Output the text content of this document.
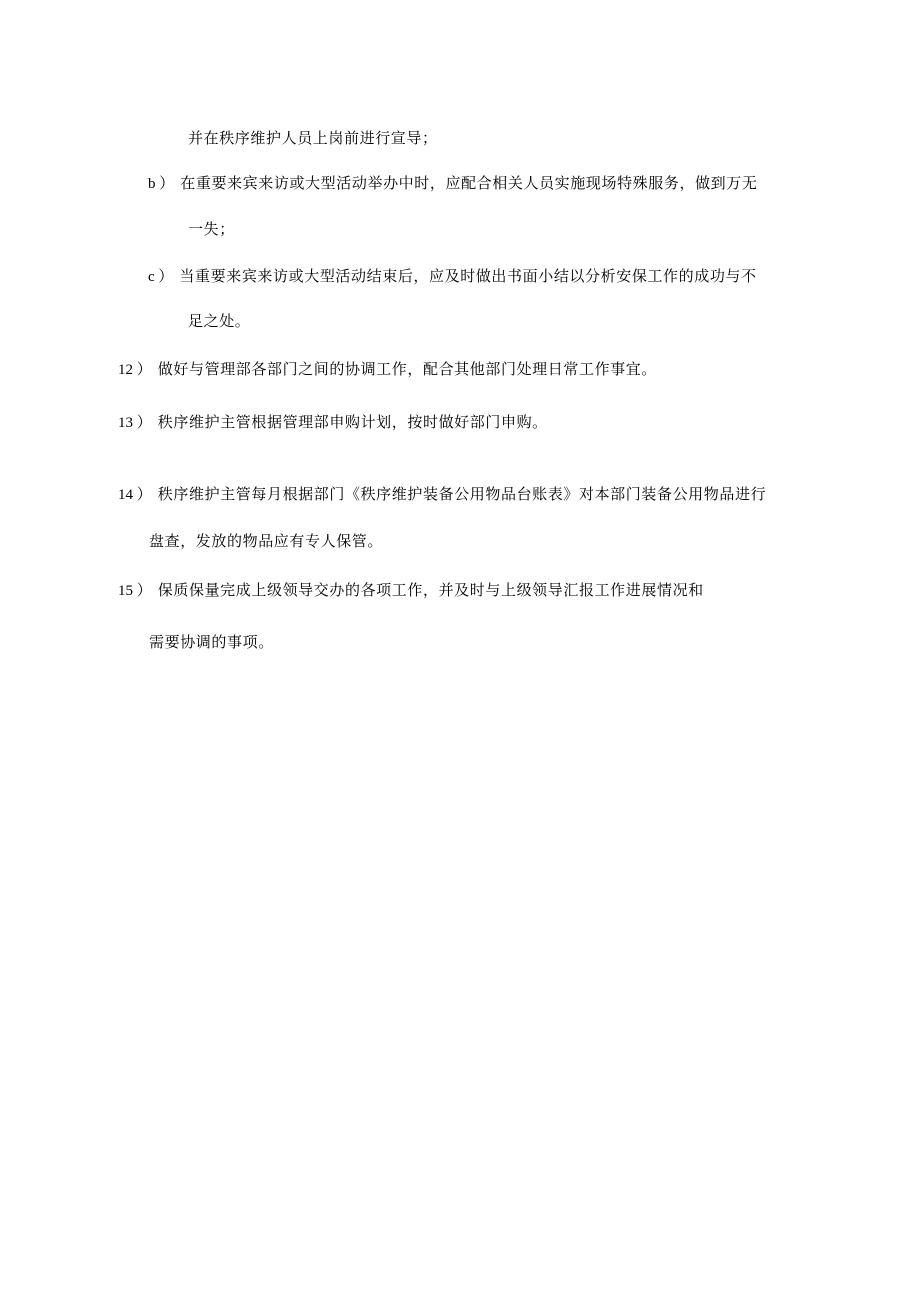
并在秩序维护人员上岗前进行宣导；
b ） 在重要来宾来访或大型活动举办中时，应配合相关人员实施现场特殊服务，做到万无
一失；
c ） 当重要来宾来访或大型活动结束后，应及时做出书面小结以分析安保工作的成功与不
足之处。
12 ） 做好与管理部各部门之间的协调工作，配合其他部门处理日常工作事宜。
13 ） 秩序维护主管根据管理部申购计划，按时做好部门申购。
14 ） 秩序维护主管每月根据部门《秩序维护装备公用物品台账表》对本部门装备公用物品进行
盘查，发放的物品应有专人保管。
15 ） 保质保量完成上级领导交办的各项工作，并及时与上级领导汇报工作进展情况和
需要协调的事项。
